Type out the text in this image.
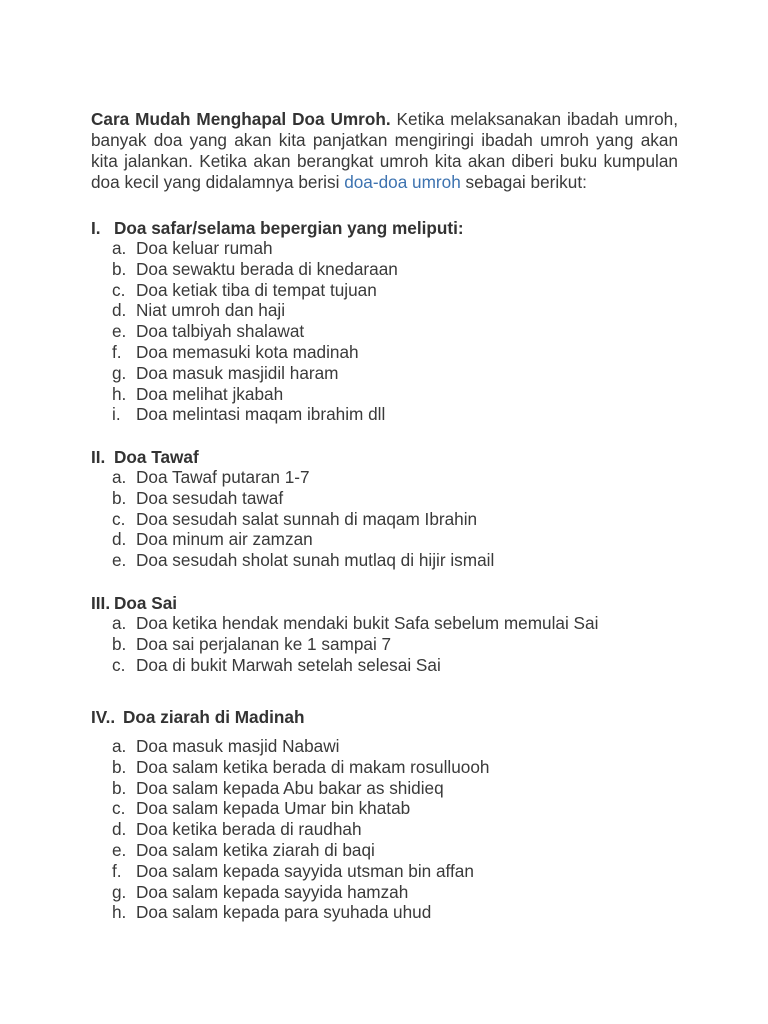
Cara Mudah Menghapal Doa Umroh. Ketika melaksanakan ibadah umroh, banyak doa yang akan kita panjatkan mengiringi ibadah umroh yang akan kita jalankan. Ketika akan berangkat umroh kita akan diberi buku kumpulan doa kecil yang didalamnya berisi doa-doa umroh sebagai berikut:

I. Doa safar/selama bepergian yang meliputi:
a. Doa keluar rumah
b. Doa sewaktu berada di knedaraan
c. Doa ketiak tiba di tempat tujuan
d. Niat umroh dan haji
e. Doa talbiyah shalawat
f. Doa memasuki kota madinah
g. Doa masuk masjidil haram
h. Doa melihat jkabah
i. Doa melintasi maqam ibrahim dll
II. Doa Tawaf
a. Doa Tawaf putaran 1-7
b. Doa sesudah tawaf
c. Doa sesudah salat sunnah di maqam Ibrahin
d. Doa minum air zamzan
e. Doa sesudah sholat sunah mutlaq di hijir ismail
III. Doa Sai
a. Doa ketika hendak mendaki bukit Safa sebelum memulai Sai
b. Doa sai perjalanan ke 1 sampai 7
c. Doa di bukit Marwah setelah selesai Sai
IV.. Doa ziarah di Madinah
a. Doa masuk masjid Nabawi
b. Doa salam ketika berada di makam rosulluooh
b. Doa salam kepada Abu bakar as shidieq
c. Doa salam kepada Umar bin khatab
d. Doa ketika berada di raudhah
e. Doa salam ketika ziarah di baqi
f. Doa salam kepada sayyida utsman bin affan
g. Doa salam kepada sayyida hamzah
h. Doa salam kepada para syuhada uhud
